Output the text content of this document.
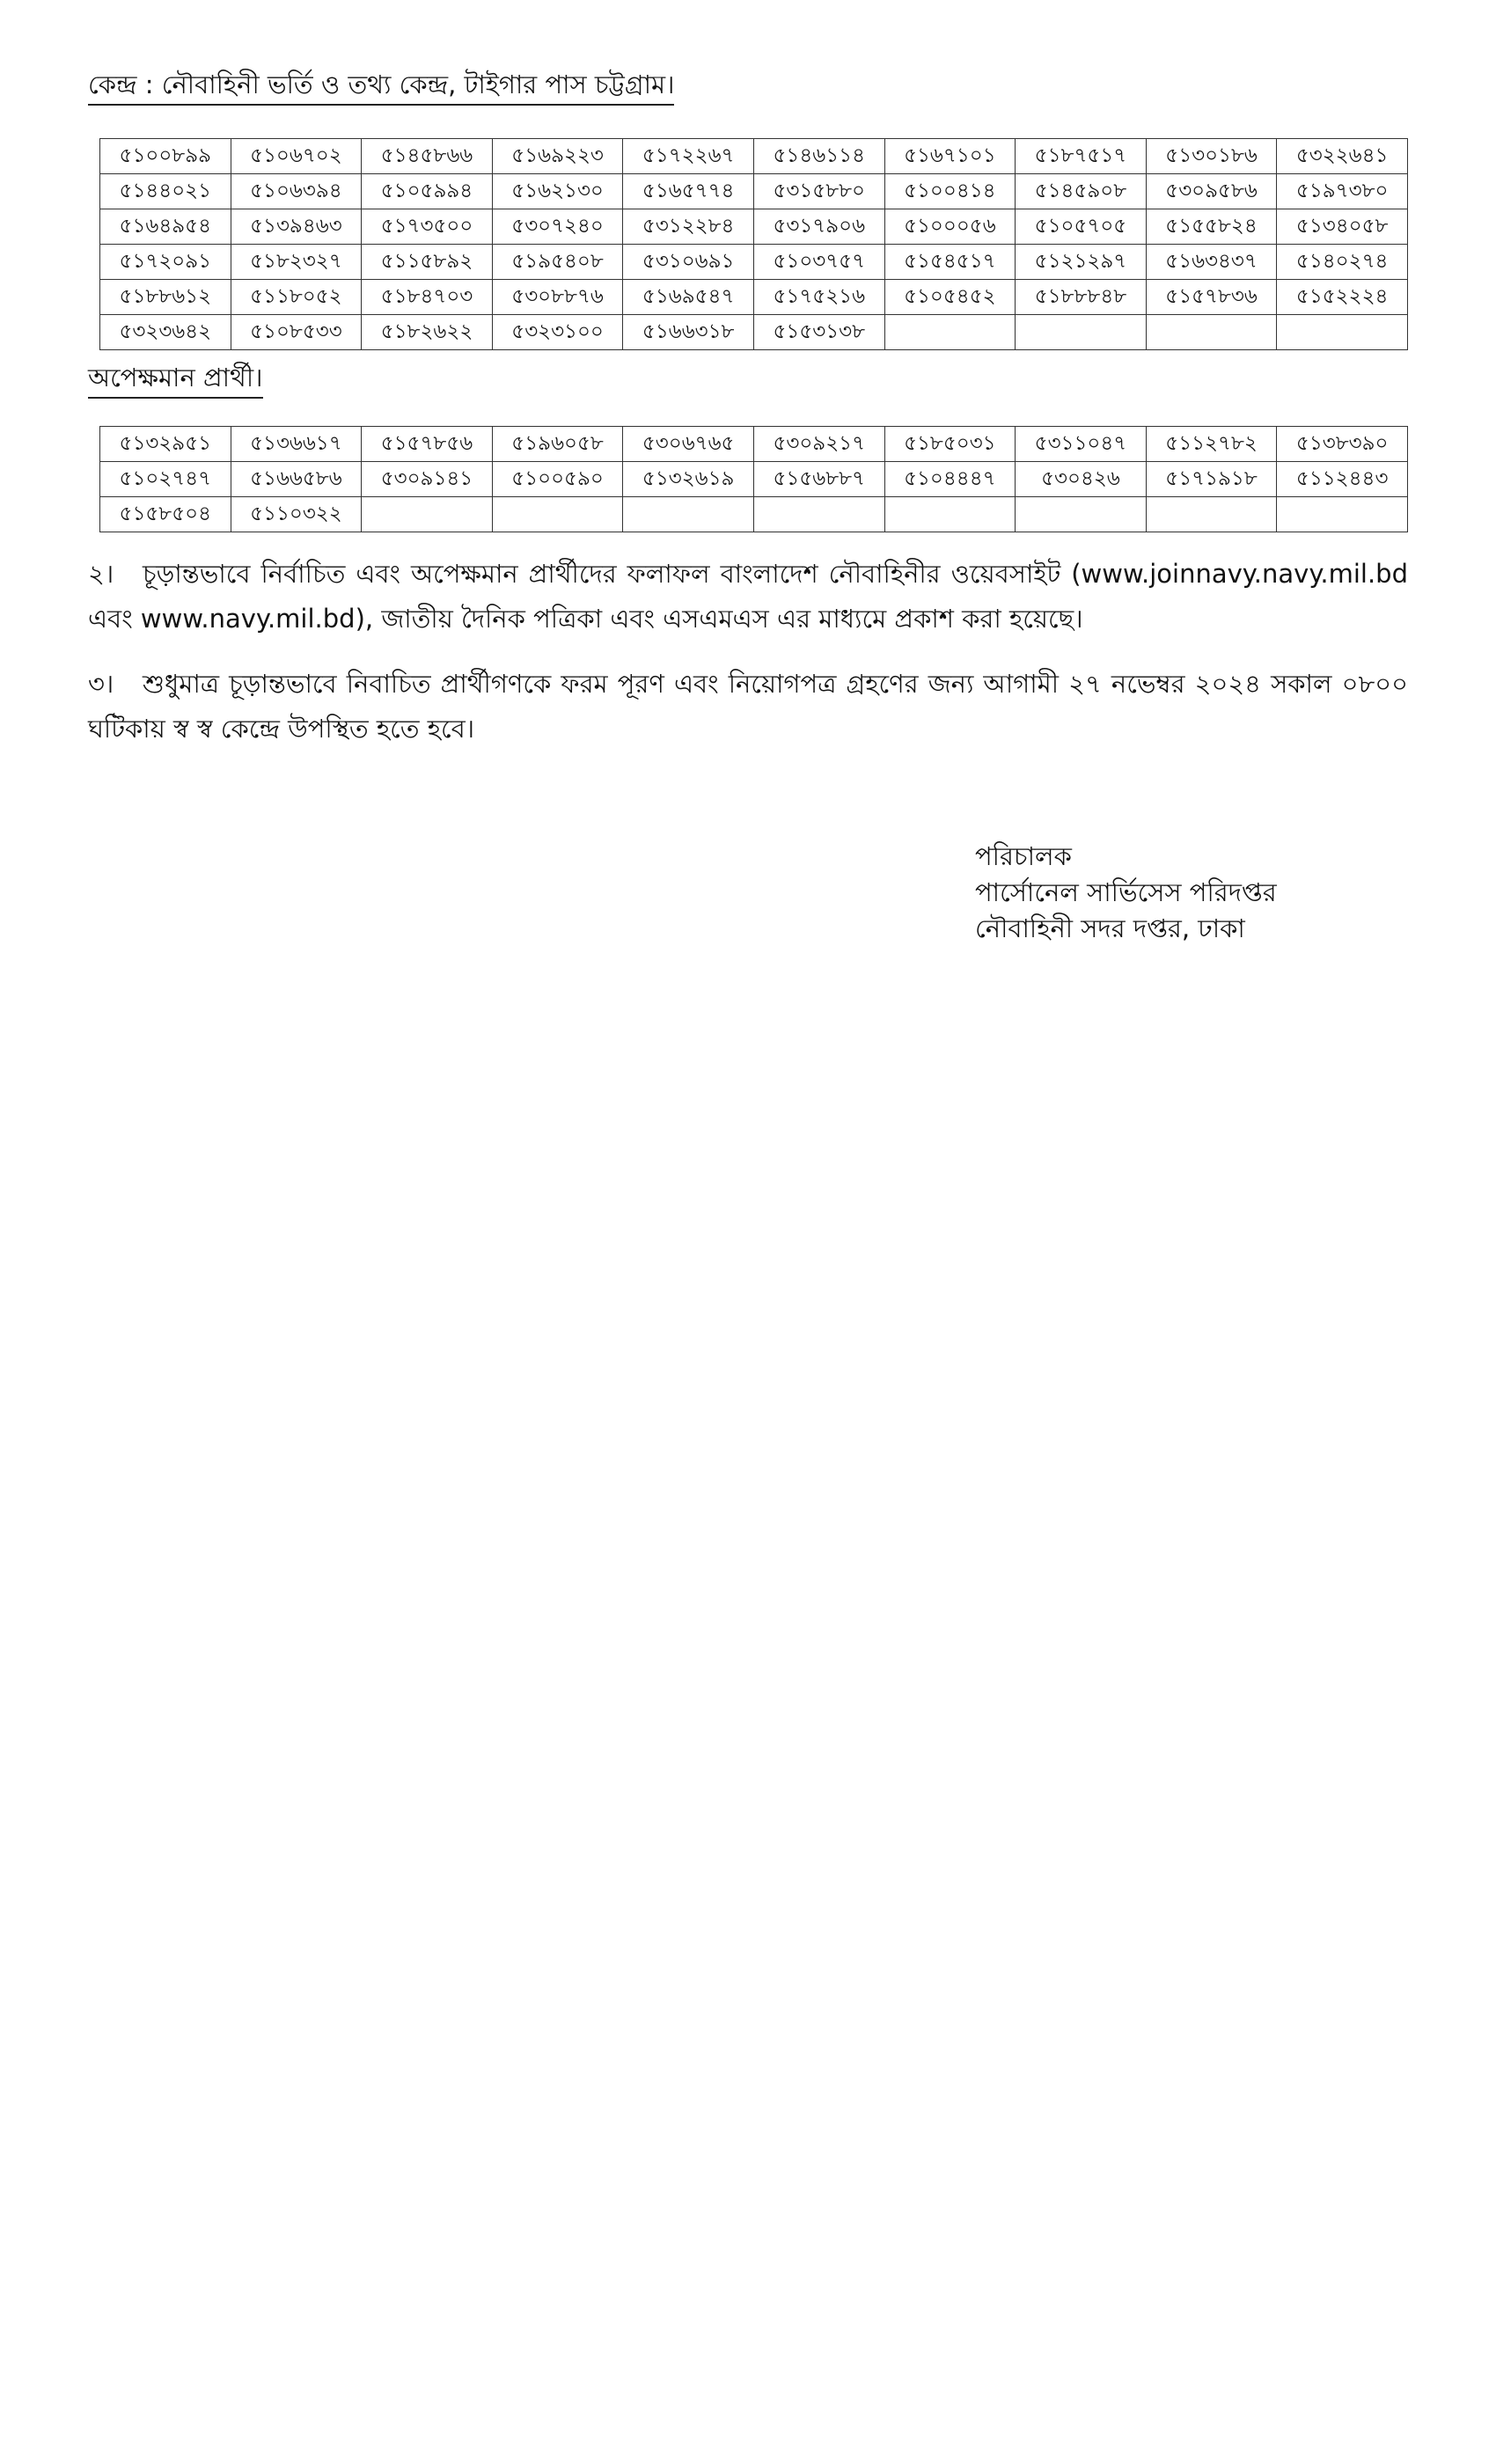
কেন্দ্র : নৌবাহিনী ভর্তি ও তথ্য কেন্দ্র, টাইগার পাস চট্টগ্রাম।
৫১০০৮৯৯	৫১০৬৭০২	৫১৪৫৮৬৬	৫১৬৯২২৩	৫১৭২২৬৭	৫১৪৬১১৪	৫১৬৭১০১	৫১৮৭৫১৭	৫১৩০১৮৬	৫৩২২৬৪১
৫১৪৪০২১	৫১০৬৩৯৪	৫১০৫৯৯৪	৫১৬২১৩০	৫১৬৫৭৭৪	৫৩১৫৮৮০	৫১০০৪১৪	৫১৪৫৯০৮	৫৩০৯৫৮৬	৫১৯৭৩৮০
৫১৬৪৯৫৪	৫১৩৯৪৬৩	৫১৭৩৫০০	৫৩০৭২৪০	৫৩১২২৮৪	৫৩১৭৯০৬	৫১০০০৫৬	৫১০৫৭০৫	৫১৫৫৮২৪	৫১৩৪০৫৮
৫১৭২০৯১	৫১৮২৩২৭	৫১১৫৮৯২	৫১৯৫৪০৮	৫৩১০৬৯১	৫১০৩৭৫৭	৫১৫৪৫১৭	৫১২১২৯৭	৫১৬৩৪৩৭	৫১৪০২৭৪
৫১৮৮৬১২	৫১১৮০৫২	৫১৮৪৭০৩	৫৩০৮৮৭৬	৫১৬৯৫৪৭	৫১৭৫২১৬	৫১০৫৪৫২	৫১৮৮৮৪৮	৫১৫৭৮৩৬	৫১৫২২২৪
৫৩২৩৬৪২	৫১০৮৫৩৩	৫১৮২৬২২	৫৩২৩১০০	৫১৬৬৩১৮	৫১৫৩১৩৮				
অপেক্ষমান প্রার্থী।
৫১৩২৯৫১	৫১৩৬৬১৭	৫১৫৭৮৫৬	৫১৯৬০৫৮	৫৩০৬৭৬৫	৫৩০৯২১৭	৫১৮৫০৩১	৫৩১১০৪৭	৫১১২৭৮২	৫১৩৮৩৯০
৫১০২৭৪৭	৫১৬৬৫৮৬	৫৩০৯১৪১	৫১০০৫৯০	৫১৩২৬১৯	৫১৫৬৮৮৭	৫১০৪৪৪৭	৫৩০৪২৬	৫১৭১৯১৮	৫১১২৪৪৩
৫১৫৮৫০৪	৫১১০৩২২								
২। চূড়ান্তভাবে নির্বাচিত এবং অপেক্ষমান প্রার্থীদের ফলাফল বাংলাদেশ নৌবাহিনীর ওয়েবসাইট (www.joinnavy.navy.mil.bd এবং www.navy.mil.bd), জাতীয় দৈনিক পত্রিকা এবং এসএমএস এর মাধ্যমে প্রকাশ করা হয়েছে।
৩। শুধুমাত্র চূড়ান্তভাবে নিবাচিত প্রার্থীগণকে ফরম পূরণ এবং নিয়োগপত্র গ্রহণের জন্য আগামী ২৭ নভেম্বর ২০২৪ সকাল ০৮০০ ঘটিকায় স্ব স্ব কেন্দ্রে উপস্থিত হতে হবে।
পরিচালক
পার্সোনেল সার্ভিসেস পরিদপ্তর
নৌবাহিনী সদর দপ্তর, ঢাকা
